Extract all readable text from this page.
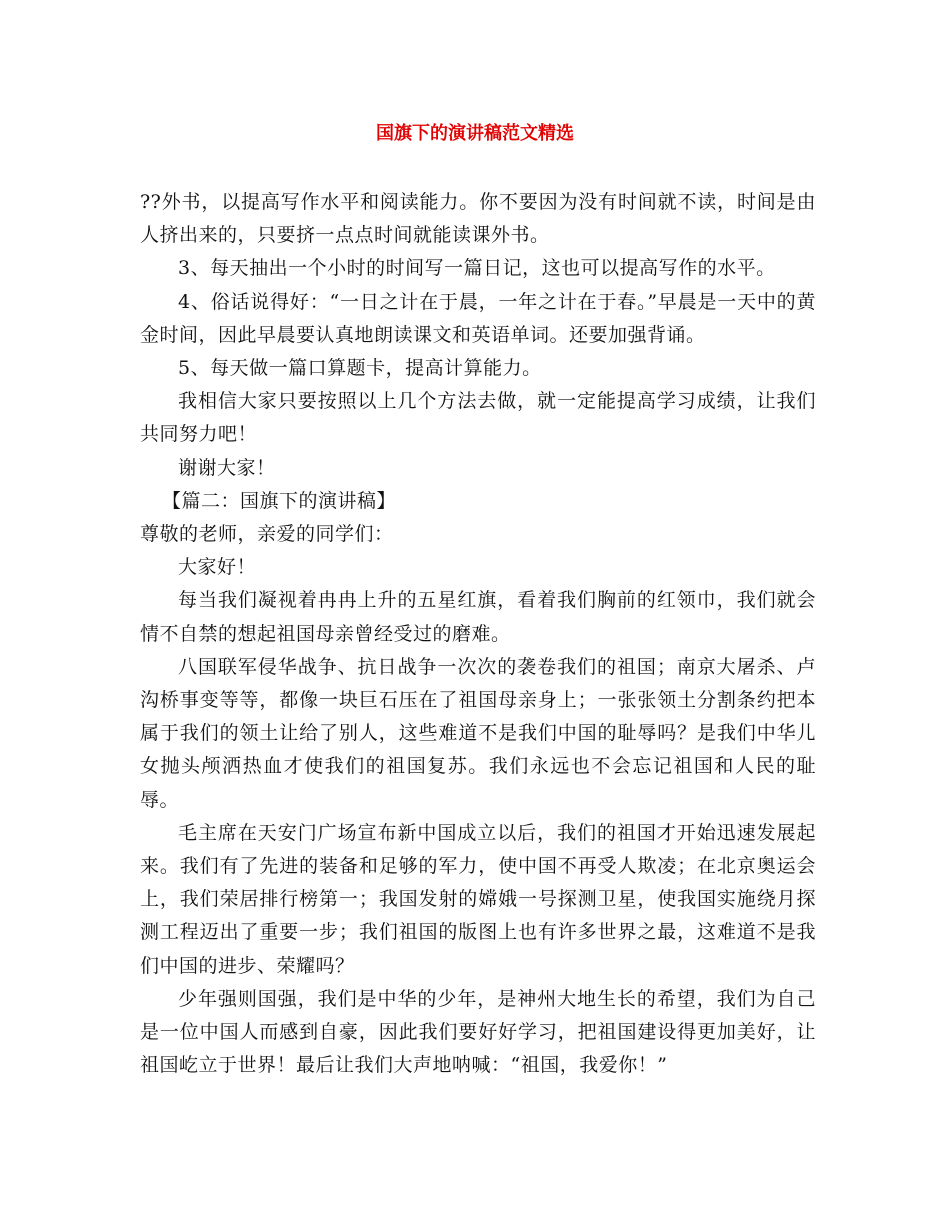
国旗下的演讲稿范文精选

??外书，以提高写作水平和阅读能力。你不要因为没有时间就不读，时间是由人挤出来的，只要挤一点点时间就能读课外书。

3、每天抽出一个小时的时间写一篇日记，这也可以提高写作的水平。

4、俗话说得好：“一日之计在于晨，一年之计在于春。”早晨是一天中的黄金时间，因此早晨要认真地朗读课文和英语单词。还要加强背诵。

5、每天做一篇口算题卡，提高计算能力。

我相信大家只要按照以上几个方法去做，就一定能提高学习成绩，让我们共同努力吧！

谢谢大家！

【篇二：国旗下的演讲稿】

尊敬的老师，亲爱的同学们：

大家好！

每当我们凝视着冉冉上升的五星红旗，看着我们胸前的红领巾，我们就会情不自禁的想起祖国母亲曾经受过的磨难。

八国联军侵华战争、抗日战争一次次的袭卷我们的祖国；南京大屠杀、卢沟桥事变等等，都像一块巨石压在了祖国母亲身上；一张张领土分割条约把本属于我们的领土让给了别人，这些难道不是我们中国的耻辱吗？是我们中华儿女抛头颅洒热血才使我们的祖国复苏。我们永远也不会忘记祖国和人民的耻辱。

毛主席在天安门广场宣布新中国成立以后，我们的祖国才开始迅速发展起来。我们有了先进的装备和足够的军力，使中国不再受人欺凌；在北京奥运会上，我们荣居排行榜第一；我国发射的嫦娥一号探测卫星，使我国实施绕月探测工程迈出了重要一步；我们祖国的版图上也有许多世界之最，这难道不是我们中国的进步、荣耀吗？

少年强则国强，我们是中华的少年，是神州大地生长的希望，我们为自己是一位中国人而感到自豪，因此我们要好好学习，把祖国建设得更加美好，让祖国屹立于世界！最后让我们大声地呐喊：“祖国，我爱你！”
